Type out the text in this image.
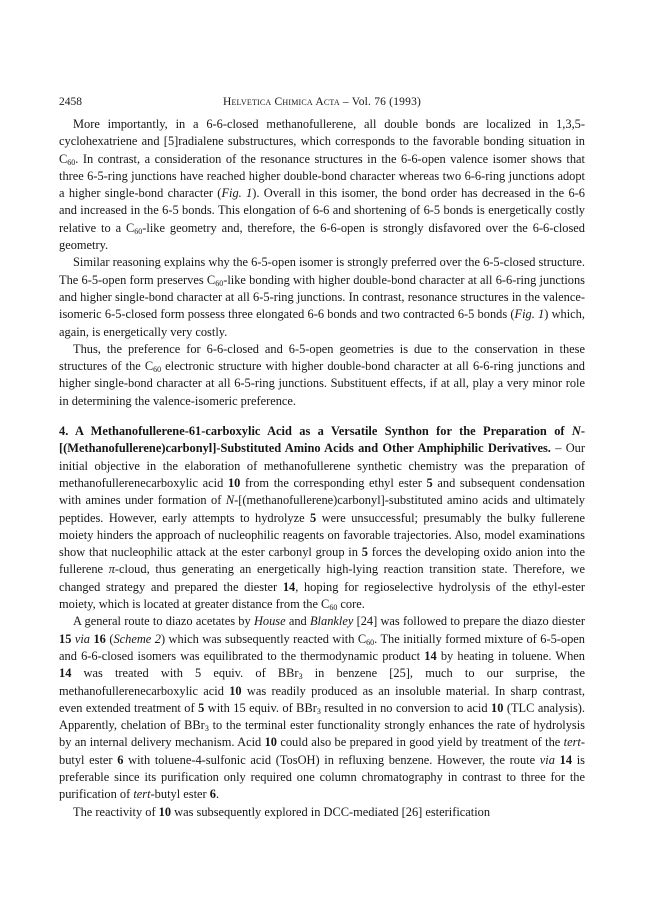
2458	Helvetica Chimica Acta – Vol. 76 (1993)

More importantly, in a 6-6-closed methanofullerene, all double bonds are localized in 1,3,5-cyclohexatriene and [5]radialene substructures, which corresponds to the favorable bonding situation in $C_{60}$. In contrast, a consideration of the resonance structures in the 6-6-open valence isomer shows that three 6-5-ring junctions have reached higher double-bond character whereas two 6-6-ring junctions adopt a higher single-bond character (Fig. 1). Overall in this isomer, the bond order has decreased in the 6-6 and increased in the 6-5 bonds. This elongation of 6-6 and shortening of 6-5 bonds is energetically costly relative to a $C_{60}$-like geometry and, therefore, the 6-6-open is strongly disfavored over the 6-6-closed geometry.

Similar reasoning explains why the 6-5-open isomer is strongly preferred over the 6-5-closed structure. The 6-5-open form preserves $C_{60}$-like bonding with higher double-bond character at all 6-6-ring junctions and higher single-bond character at all 6-5-ring junctions. In contrast, resonance structures in the valence-isomeric 6-5-closed form possess three elongated 6-6 bonds and two contracted 6-5 bonds (Fig. 1) which, again, is energetically very costly.

Thus, the preference for 6-6-closed and 6-5-open geometries is due to the conservation in these structures of the $C_{60}$ electronic structure with higher double-bond character at all 6-6-ring junctions and higher single-bond character at all 6-5-ring junctions. Substituent effects, if at all, play a very minor role in determining the valence-isomeric preference.

4. A Methanofullerene-61-carboxylic Acid as a Versatile Synthon for the Preparation of N-[(Methanofullerene)carbonyl]-Substituted Amino Acids and Other Amphiphilic Derivatives. – Our initial objective in the elaboration of methanofullerene synthetic chemistry was the preparation of methanofullerenecarboxylic acid 10 from the corresponding ethyl ester 5 and subsequent condensation with amines under formation of N-[(methanofullerene)carbonyl]-substituted amino acids and ultimately peptides. However, early attempts to hydrolyze 5 were unsuccessful; presumably the bulky fullerene moiety hinders the approach of nucleophilic reagents on favorable trajectories. Also, model examinations show that nucleophilic attack at the ester carbonyl group in 5 forces the developing oxido anion into the fullerene π-cloud, thus generating an energetically high-lying reaction transition state. Therefore, we changed strategy and prepared the diester 14, hoping for regioselective hydrolysis of the ethyl-ester moiety, which is located at greater distance from the $C_{60}$ core.

A general route to diazo acetates by House and Blankley [24] was followed to prepare the diazo diester 15 via 16 (Scheme 2) which was subsequently reacted with $C_{60}$. The initially formed mixture of 6-5-open and 6-6-closed isomers was equilibrated to the thermodynamic product 14 by heating in toluene. When 14 was treated with 5 equiv. of BBr$_3$ in benzene [25], much to our surprise, the methanofullerenecarboxylic acid 10 was readily produced as an insoluble material. In sharp contrast, even extended treatment of 5 with 15 equiv. of BBr$_3$ resulted in no conversion to acid 10 (TLC analysis). Apparently, chelation of BBr$_3$ to the terminal ester functionality strongly enhances the rate of hydrolysis by an internal delivery mechanism. Acid 10 could also be prepared in good yield by treatment of the tert-butyl ester 6 with toluene-4-sulfonic acid (TosOH) in refluxing benzene. However, the route via 14 is preferable since its purification only required one column chromatography in contrast to three for the purification of tert-butyl ester 6.

The reactivity of 10 was subsequently explored in DCC-mediated [26] esterification
